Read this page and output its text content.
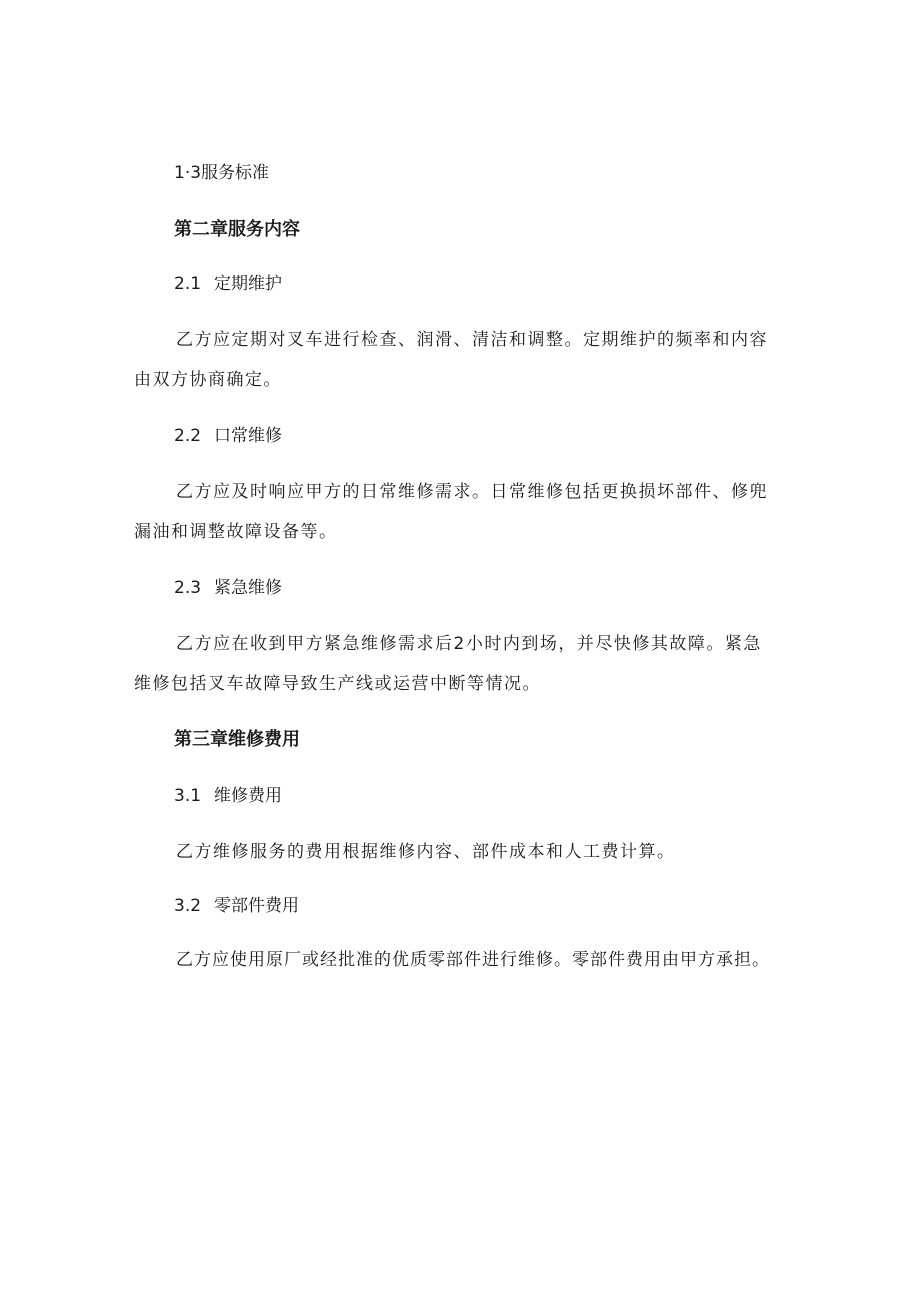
1·3服务标准

第二章服务内容

2.1 定期维护

乙方应定期对叉车进行检查、润滑、清洁和调整。定期维护的频率和内容

由双方协商确定。

2.2 口常维修

乙方应及时响应甲方的日常维修需求。日常维修包括更换损坏部件、修兜

漏油和调整故障设备等。

2.3 紧急维修

乙方应在收到甲方紧急维修需求后2小时内到场，并尽快修其故障。紧急

维修包括叉车故障导致生产线或运营中断等情况。

第三章维修费用

3.1 维修费用

乙方维修服务的费用根据维修内容、部件成本和人工费计算。

3.2 零部件费用

乙方应使用原厂或经批准的优质零部件进行维修。零部件费用由甲方承担。
